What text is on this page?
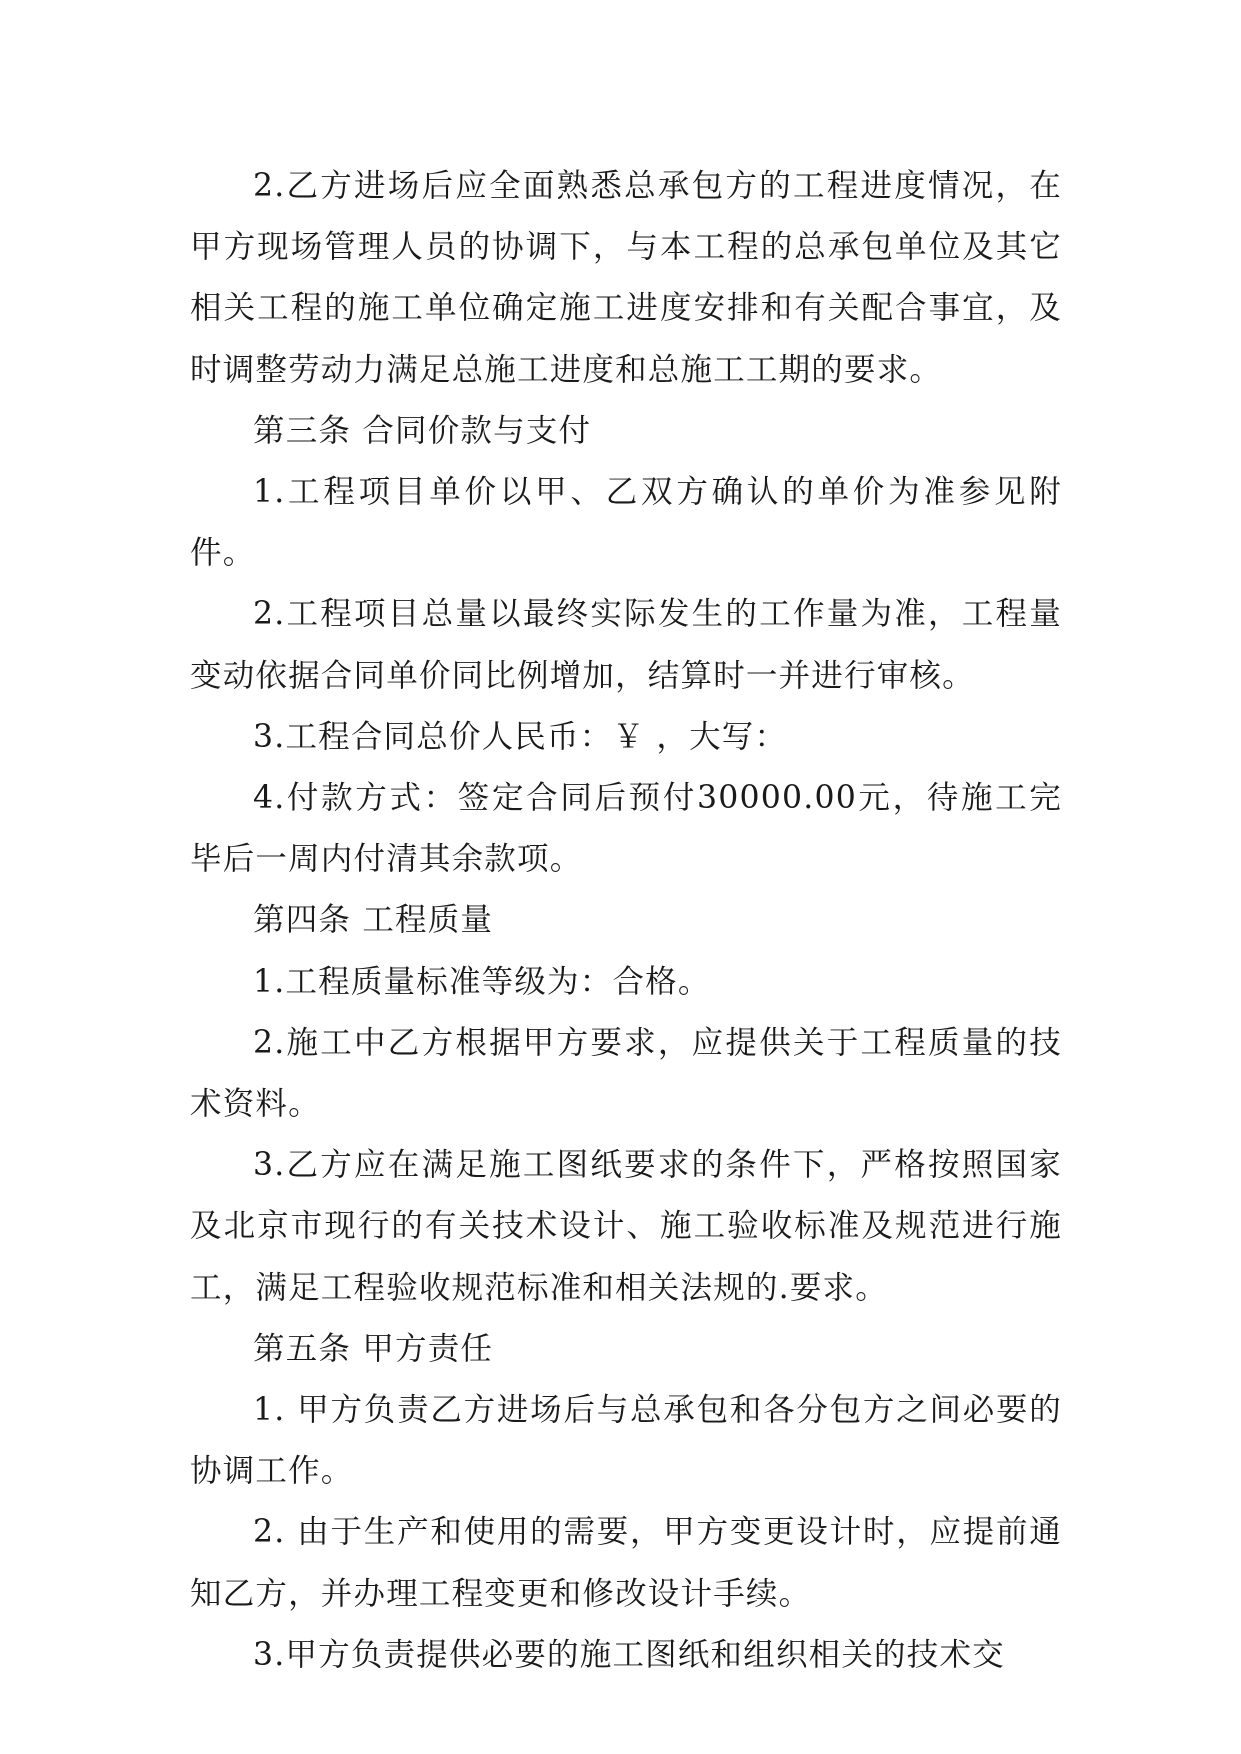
2.乙方进场后应全面熟悉总承包方的工程进度情况，在甲方现场管理人员的协调下，与本工程的总承包单位及其它相关工程的施工单位确定施工进度安排和有关配合事宜，及时调整劳动力满足总施工进度和总施工工期的要求。

第三条 合同价款与支付

1.工程项目单价以甲、乙双方确认的单价为准参见附件。

2.工程项目总量以最终实际发生的工作量为准，工程量变动依据合同单价同比例增加，结算时一并进行审核。

3.工程合同总价人民币：￥ ，大写：

4.付款方式：签定合同后预付30000.00元，待施工完毕后一周内付清其余款项。

第四条 工程质量

1.工程质量标准等级为：合格。

2.施工中乙方根据甲方要求，应提供关于工程质量的技术资料。

3.乙方应在满足施工图纸要求的条件下，严格按照国家及北京市现行的有关技术设计、施工验收标准及规范进行施工，满足工程验收规范标准和相关法规的.要求。

第五条 甲方责任

1. 甲方负责乙方进场后与总承包和各分包方之间必要的协调工作。

2. 由于生产和使用的需要，甲方变更设计时，应提前通知乙方，并办理工程变更和修改设计手续。

3.甲方负责提供必要的施工图纸和组织相关的技术交
